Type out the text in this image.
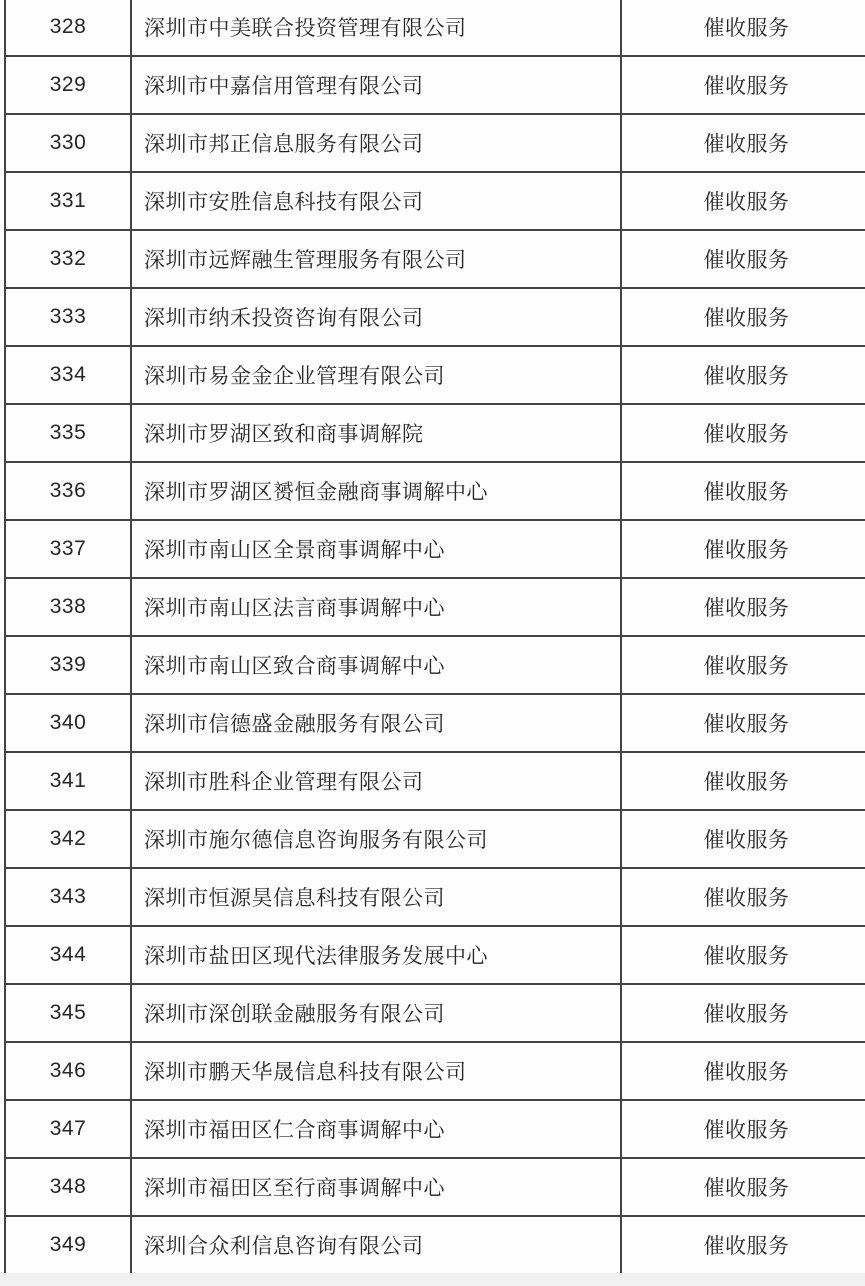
328	深圳市中美联合投资管理有限公司	催收服务
329	深圳市中嘉信用管理有限公司	催收服务
330	深圳市邦正信息服务有限公司	催收服务
331	深圳市安胜信息科技有限公司	催收服务
332	深圳市远辉融生管理服务有限公司	催收服务
333	深圳市纳禾投资咨询有限公司	催收服务
334	深圳市易金金企业管理有限公司	催收服务
335	深圳市罗湖区致和商事调解院	催收服务
336	深圳市罗湖区赟恒金融商事调解中心	催收服务
337	深圳市南山区全景商事调解中心	催收服务
338	深圳市南山区法言商事调解中心	催收服务
339	深圳市南山区致合商事调解中心	催收服务
340	深圳市信德盛金融服务有限公司	催收服务
341	深圳市胜科企业管理有限公司	催收服务
342	深圳市施尔德信息咨询服务有限公司	催收服务
343	深圳市恒源昊信息科技有限公司	催收服务
344	深圳市盐田区现代法律服务发展中心	催收服务
345	深圳市深创联金融服务有限公司	催收服务
346	深圳市鹏天华晟信息科技有限公司	催收服务
347	深圳市福田区仁合商事调解中心	催收服务
348	深圳市福田区至行商事调解中心	催收服务
349	深圳合众利信息咨询有限公司	催收服务
